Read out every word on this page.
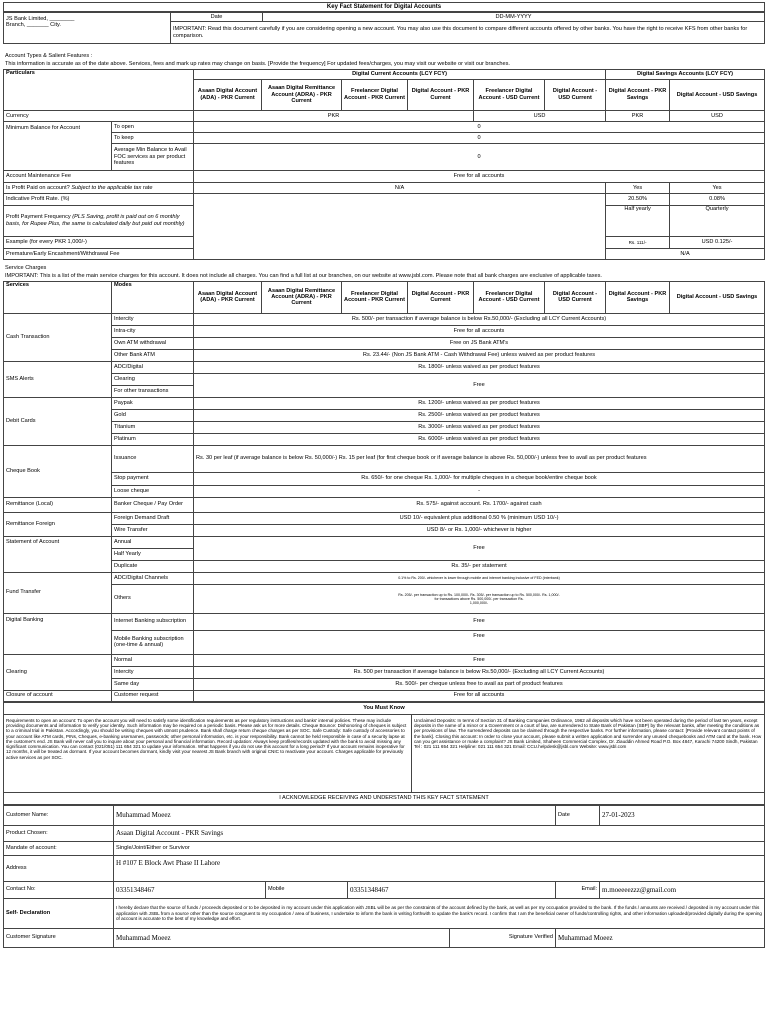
Key Fact Statement for Digital Accounts
JS Bank Limited, ________
Branch, _______ City.
	Date	DD-MM-YYYY
IMPORTANT: Read this document carefully if you are considering opening a new account. You may also use this document to compare different accounts offered by other banks. You have the right to receive KFS from other banks for comparison.
Account Types & Salient Features :
This information is accurate as of the date above. Services, fees and mark up rates may change on basis. [Provide the frequency] For updated fees/charges, you may visit our website or visit our branches.
Particulars		Digital Current Accounts (LCY FCY)						Digital Savings Accounts (LCY FCY)	
		Asaan Digital Account (ADA) - PKR Current	Asaan Digital Remittance Account (ADRA) - PKR Current	Freelancer Digital Account - PKR Current	Digital Account - PKR Current	Freelancer Digital Account - USD Current	Digital Account - USD Current	Digital Account - PKR Savings	Digital Account - USD Savings
Currency		PKR				USD		PKR	USD
Minimum Balance for Account	To open	0							
	To keep	0							
	Average Min Balance to Avail FOC services as per product features	0							
Account Maintenance Fee		Free for all accounts							
Is Profit Paid on account? Subject to the applicable tax rate		N/A						Yes	Yes
Indicative Profit Rate. (%)								20.50%	0.08%
Profit Payment Frequency (PLS Saving, profit is paid out on 6 monthly basis, for Rupee Plus, the same is calculated daily but paid out monthly)								Half yearly	Quarterly
Example (for every PKR 1,000/-)								Rs. 111/-	USD 0.125/-
Premature/Early Encashment/Withdrawal Fee								N/A	
Service Charges
IMPORTANT: This is a list of the main service charges for this account. It does not include all charges. You can find a full list at our branches, on our website at www.jsbl.com. Please note that all bank charges are exclusive of applicable taxes.
Services	Modes	Asaan Digital Account (ADA) - PKR Current	Asaan Digital Remittance Account (ADRA) - PKR Current	Freelancer Digital Account - PKR Current	Digital Account - PKR Current	Freelancer Digital Account - USD Current	Digital Account - USD Current	Digital Account - PKR Savings	Digital Account - USD Savings
Cash Transaction	Intercity	Rs. 500/- per transaction if average balance is below Rs.50,000/- (Excluding all LCY Current Accounts)							
	Intra-city	Free for all accounts							
	Own ATM withdrawal	Free on JS Bank ATM's							
	Other Bank ATM	Rs. 23.44/- (Non JS Bank ATM - Cash Withdrawal Fee) unless waived as per product features							
SMS Alerts	ADC/Digital	Rs. 1800/- unless waived as per product features							
	Clearing	Free							
	For other transactions								
Debit Cards	Paypak	Rs. 1200/- unless waived as per product features							
	Gold	Rs. 2500/- unless waived as per product features							
	Titanium	Rs. 3000/- unless waived as per product features							
	Platinum	Rs. 6000/- unless waived as per product features							
Cheque Book	Issuance	Rs. 30 per leaf (if average balance is below Rs. 50,000/-) Rs. 15 per leaf (for first cheque book or if average balance is above Rs. 50,000/-) unless free to avail as per product features							
	Stop payment	Rs. 650/- for one cheque Rs. 1,000/- for multiple cheques in a cheque book/entire cheque book							
	Loose cheque	-							
Remittance (Local)	Banker Cheque / Pay Order	Rs. 575/- against account. Rs. 1700/- against cash							
Remittance Foreign	Foreign Demand Draft	USD 10/- equivalent plus additional 0.50 % (minimum USD 10/-)							
	Wire Transfer	USD 8/- or Rs. 1,000/- whichever is higher							
Statement of Account	Annual	Free							
	Half Yearly								
	Duplicate	Rs. 35/- per statement							
Fund Transfer	ADC/Digital Channels	0.1% to Rs. 200/- whichever is lower through mobile and internet banking inclusive of FED (interbank)							
	Others	Rs. 205/- per transaction up to Rs. 100,000/- Rs. 305/- per transaction up to Rs. 500,000/- Rs. 1,000/-
for transactions above Rs. 500,000/- per transaction Rs.
1,000,000/-							

Digital Banking	Internet Banking subscription	Free							
	Mobile Banking subscription (one-time & annual)	Free							
Clearing	Normal	Free							
	Intercity	Rs. 500 per transaction if average balance is below Rs.50,000/- (Excluding all LCY Current Accounts)							
	Same day	Rs. 500/- per cheque unless free to avail as part of product features							
Closure of account	Customer request	Free for all accounts							
You Must Know
Requirements to open an account: To open the account you will need to satisfy some identification requirements as per regulatory instructions and banks' internal policies. These may include providing documents and information to verify your identity. Such information may be required on a periodic basis. Please ask us for more details. Cheque Bounce: Dishonoring of cheques is subject to a criminal trial in Pakistan. Accordingly, you should be writing cheques with utmost prudence. Bank shall charge return cheque charges as per SOC. Safe Custody: Safe custody of accessories to your account like ATM cards, PINs, Cheques, e-banking usernames, passwords; other personal information, etc. is your responsibility. Bank cannot be held responsible in case of a security lapse at the customer's end. JS Bank will never call you to inquire about your personal and financial information. Record updation: Always keep profiles/records updated with the bank to avoid missing any significant communication. You can contact (021/051) 111 654 321 to update your information. What happens if you do not use this account for a long period? If your account remains inoperative for 12 months, it will be treated as dormant. If your account becomes dormant, kindly visit your nearest JS Bank branch with original CNIC to reactivate your account. Charges applicable for previously active services as per SOC.	Unclaimed Deposits: In terms of Section 31 of Banking Companies Ordinance, 1962 all deposits which have not been operated during the period of last ten years, except deposits in the name of a minor or a Government or a court of law, are surrendered to State Bank of Pakistan (SBP) by the relevant banks, after meeting the conditions as per provisions of law. The surrendered deposits can be claimed through the respective banks. For further information, please contact: [Provide relevant contact points of the bank]. Closing this account: In order to close your account, please submit a written application and surrender any unused chequebooks and ATM card at the bank. How can you get assistance or make a complaint? JS Bank Limited, Shaheen Commercial Complex, Dr. Ziauddin Ahmed Road P.O. Box 4847, Karachi 74200 Sindh, Pakistan Tel : 021 111 654 321 Helpline: 021 111 654 321 Email: CCU.helpdesk@jsbl.com Website: www.jsbl.com
I ACKNOWLEDGE RECEIVING AND UNDERSTAND THIS KEY FACT STATEMENT
Customer Name:	Muhammad Moeez				Date	27-01-2023
Product Chosen:	Asaan Digital Account - PKR Savings					
Mandate of account:	Single/Joint/Either or Survivor					
Address	H #107 E Block Awt Phase II Lahore					
Contact No:	03351348467	Mobile	03351348467		Email:	m.moeeeezzz@gmail.com
Self- Declaration	I hereby declare that the source of funds / proceeds deposited or to be deposited in my account under this application with JSBL will be as per the constraints of the account defined by the bank, as well as per my occupation provided to the bank. If the funds / amounts are received / deposited in my account under this application with JSBL from a source other than the source congruent to my occupation / area of business, I undertake to inform the bank in writing forthwith to update the bank's record. I confirm that I am the beneficial owner of funds/controlling rights, and other information uploaded/provided digitally during the opening of account is accurate to the best of my knowledge and effort.					
Customer Signature	Muhammad Moeez			Signature Verified	Muhammad Moeez	
